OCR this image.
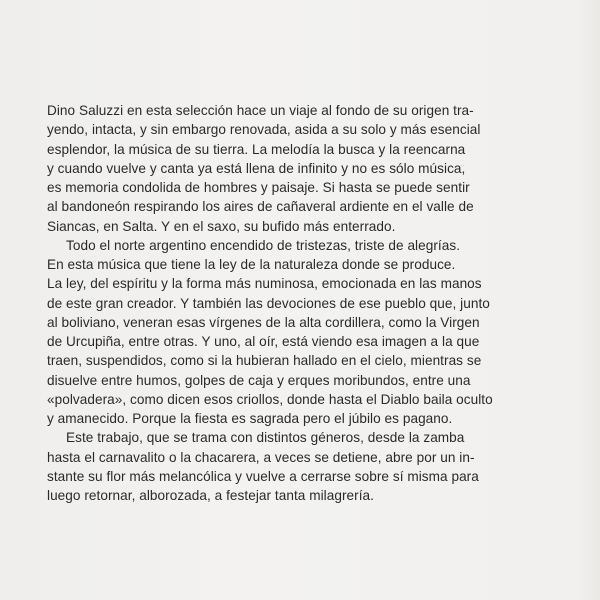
Dino Saluzzi en esta selección hace un viaje al fondo de su origen tra-
yendo, intacta, y sin embargo renovada, asida a su solo y más esencial
esplendor, la música de su tierra. La melodía la busca y la reencarna
y cuando vuelve y canta ya está llena de infinito y no es sólo música,
es memoria condolida de hombres y paisaje. Si hasta se puede sentir
al bandoneón respirando los aires de cañaveral ardiente en el valle de
Siancas, en Salta. Y en el saxo, su bufido más enterrado.
Todo el norte argentino encendido de tristezas, triste de alegrías.
En esta música que tiene la ley de la naturaleza donde se produce.
La ley, del espíritu y la forma más numinosa, emocionada en las manos
de este gran creador. Y también las devociones de ese pueblo que, junto
al boliviano, veneran esas vírgenes de la alta cordillera, como la Virgen
de Urcupiña, entre otras. Y uno, al oír, está viendo esa imagen a la que
traen, suspendidos, como si la hubieran hallado en el cielo, mientras se
disuelve entre humos, golpes de caja y erques moribundos, entre una
«polvadera», como dicen esos criollos, donde hasta el Diablo baila oculto
y amanecido. Porque la fiesta es sagrada pero el júbilo es pagano.
Este trabajo, que se trama con distintos géneros, desde la zamba
hasta el carnavalito o la chacarera, a veces se detiene, abre por un in-
stante su flor más melancólica y vuelve a cerrarse sobre sí misma para
luego retornar, alborozada, a festejar tanta milagrería.
